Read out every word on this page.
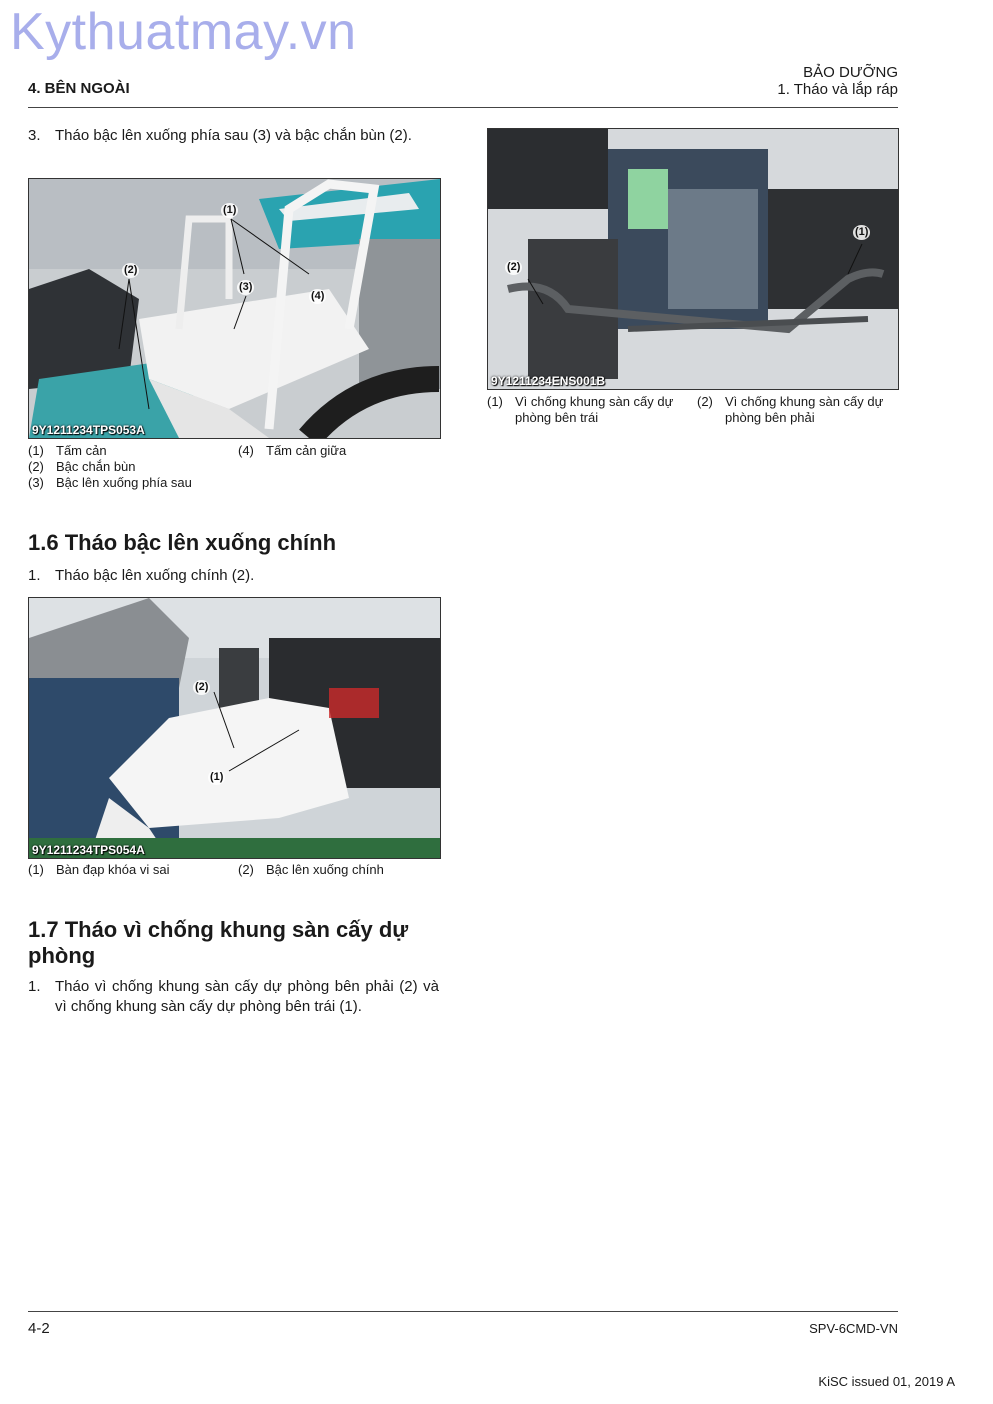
Kythuatmay.vn
4. BÊN NGOÀI
BẢO DƯỠNG
1. Tháo và lắp ráp
3. Tháo bậc lên xuống phía sau (3) và bậc chắn bùn (2).
(1)
(2)
(3)
(4)
9Y1211234TPS053A
(1) Tấm cản
(2) Bậc chắn bùn
(3) Bậc lên xuống phía sau
(4) Tấm cản giữa
1.6 Tháo bậc lên xuống chính
1. Tháo bậc lên xuống chính (2).
(2)
(1)
9Y1211234TPS054A
(1) Bàn đạp khóa vi sai	(2) Bậc lên xuống chính
1.7 Tháo vì chống khung sàn cấy dự phòng
1. Tháo vì chống khung sàn cấy dự phòng bên phải (2) và vì chống khung sàn cấy dự phòng bên trái (1).
(1)
(2)
9Y1211234ENS001B
(1) Vì chống khung sàn cấy dự phòng bên trái
(2) Vì chống khung sàn cấy dự phòng bên phải
4-2	SPV-6CMD-VN
KiSC issued 01, 2019 A
